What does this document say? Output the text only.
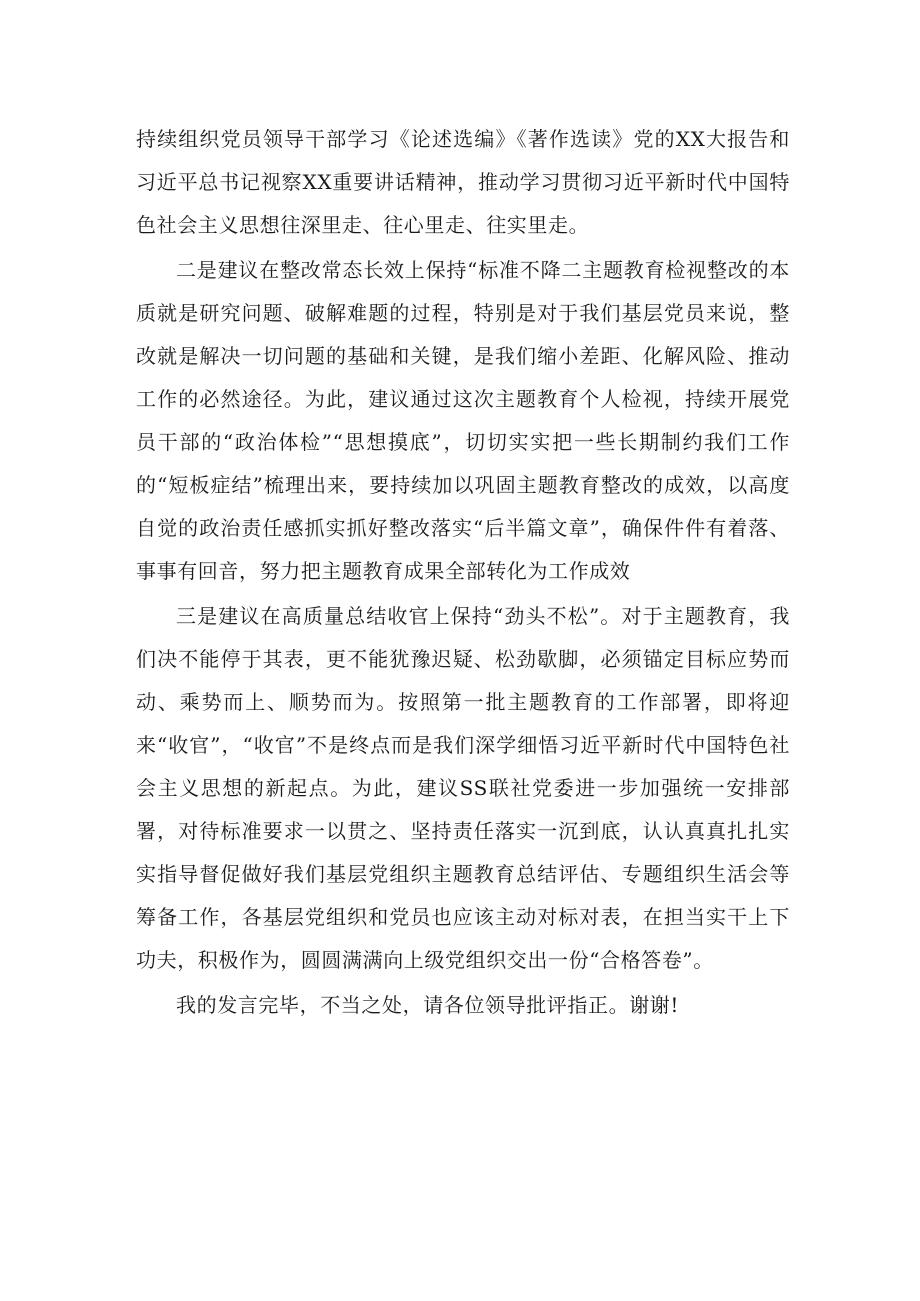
持续组织党员领导干部学习《论述选编》《著作选读》党的XX大报告和习近平总书记视察XX重要讲话精神，推动学习贯彻习近平新时代中国特色社会主义思想往深里走、往心里走、往实里走。

二是建议在整改常态长效上保持“标准不降二主题教育检视整改的本质就是研究问题、破解难题的过程，特别是对于我们基层党员来说，整改就是解决一切问题的基础和关键，是我们缩小差距、化解风险、推动工作的必然途径。为此，建议通过这次主题教育个人检视，持续开展党员干部的“政治体检”“思想摸底”，切切实实把一些长期制约我们工作的“短板症结”梳理出来，要持续加以巩固主题教育整改的成效，以高度自觉的政治责任感抓实抓好整改落实“后半篇文章”，确保件件有着落、事事有回音，努力把主题教育成果全部转化为工作成效

三是建议在高质量总结收官上保持“劲头不松”。对于主题教育，我们决不能停于其表，更不能犹豫迟疑、松劲歇脚，必须锚定目标应势而动、乘势而上、顺势而为。按照第一批主题教育的工作部署，即将迎来“收官”，“收官”不是终点而是我们深学细悟习近平新时代中国特色社会主义思想的新起点。为此，建议SS联社党委进一步加强统一安排部署，对待标准要求一以贯之、坚持责任落实一沉到底，认认真真扎扎实实指导督促做好我们基层党组织主题教育总结评估、专题组织生活会等筹备工作，各基层党组织和党员也应该主动对标对表，在担当实干上下功夫，积极作为，圆圆满满向上级党组织交出一份“合格答卷”。

我的发言完毕，不当之处，请各位领导批评指正。谢谢!
